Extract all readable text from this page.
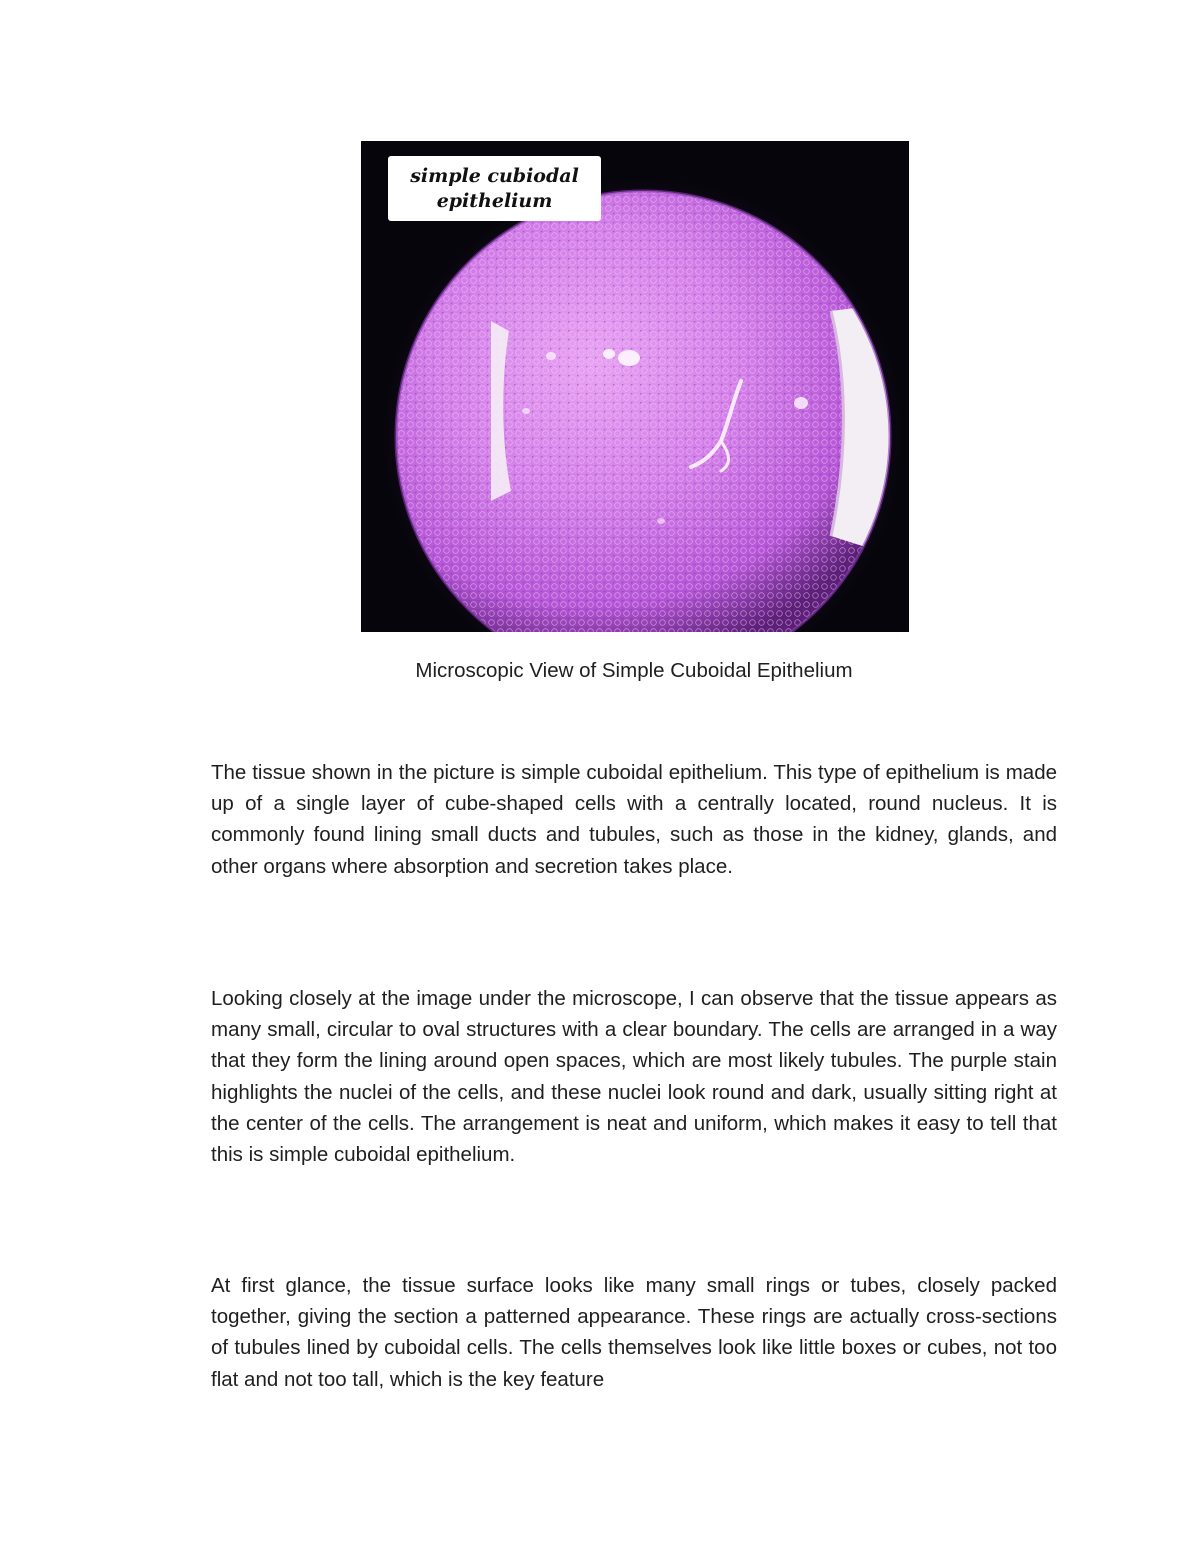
simple cubiodal
epithelium
Microscopic View of Simple Cuboidal Epithelium

The tissue shown in the picture is simple cuboidal epithelium. This type of epithelium is made up of a single layer of cube-shaped cells with a centrally located, round nucleus. It is commonly found lining small ducts and tubules, such as those in the kidney, glands, and other organs where absorption and secretion takes place.

Looking closely at the image under the microscope, I can observe that the tissue appears as many small, circular to oval structures with a clear boundary. The cells are arranged in a way that they form the lining around open spaces, which are most likely tubules. The purple stain highlights the nuclei of the cells, and these nuclei look round and dark, usually sitting right at the center of the cells. The arrangement is neat and uniform, which makes it easy to tell that this is simple cuboidal epithelium.

At first glance, the tissue surface looks like many small rings or tubes, closely packed together, giving the section a patterned appearance. These rings are actually cross-sections of tubules lined by cuboidal cells. The cells themselves look like little boxes or cubes, not too flat and not too tall, which is the key feature
